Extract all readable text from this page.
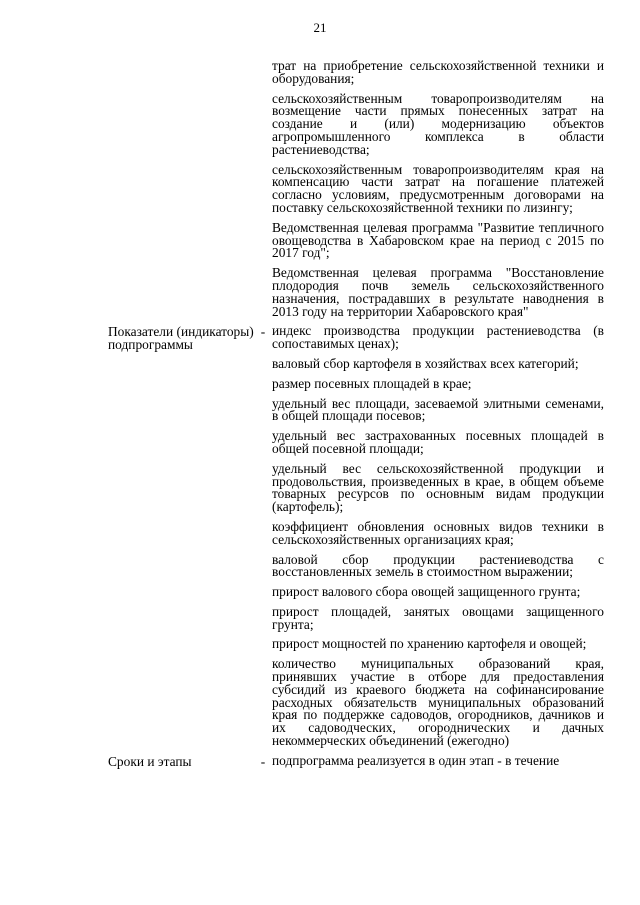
21

трат на приобретение сельскохозяйственной техники и оборудования;

сельскохозяйственным товаропроизводителям на возмещение части прямых понесенных затрат на создание и (или) модернизацию объектов агропромышленного комплекса в области растениеводства;

сельскохозяйственным товаропроизводителям края на компенсацию части затрат на погашение платежей согласно условиям, предусмотренным договорами на поставку сельскохозяйственной техники по лизингу;

Ведомственная целевая программа "Развитие тепличного овощеводства в Хабаровском крае на период с 2015 по 2017 год";

Ведомственная целевая программа "Восстановление плодородия почв земель сельскохозяйственного назначения, пострадавших в результате наводнения в 2013 году на территории Хабаровского края"

Показатели (индикаторы) подпрограммы
- индекс производства продукции растениеводства (в сопоставимых ценах);

валовый сбор картофеля в хозяйствах всех категорий;

размер посевных площадей в крае;

удельный вес площади, засеваемой элитными семенами, в общей площади посевов;

удельный вес застрахованных посевных площадей в общей посевной площади;

удельный вес сельскохозяйственной продукции и продовольствия, произведенных в крае, в общем объеме товарных ресурсов по основным видам продукции (картофель);

коэффициент обновления основных видов техники в сельскохозяйственных организациях края;

валовой сбор продукции растениеводства с восстановленных земель в стоимостном выражении;

прирост валового сбора овощей защищенного грунта;

прирост площадей, занятых овощами защищенного грунта;

прирост мощностей по хранению картофеля и овощей;

количество муниципальных образований края, принявших участие в отборе для предоставления субсидий из краевого бюджета на софинансирование расходных обязательств муниципальных образований края по поддержке садоводов, огородников, дачников и их садоводческих, огороднических и дачных некоммерческих объединений (ежегодно)

Сроки и этапы	- подпрограмма реализуется в один этап - в течение
